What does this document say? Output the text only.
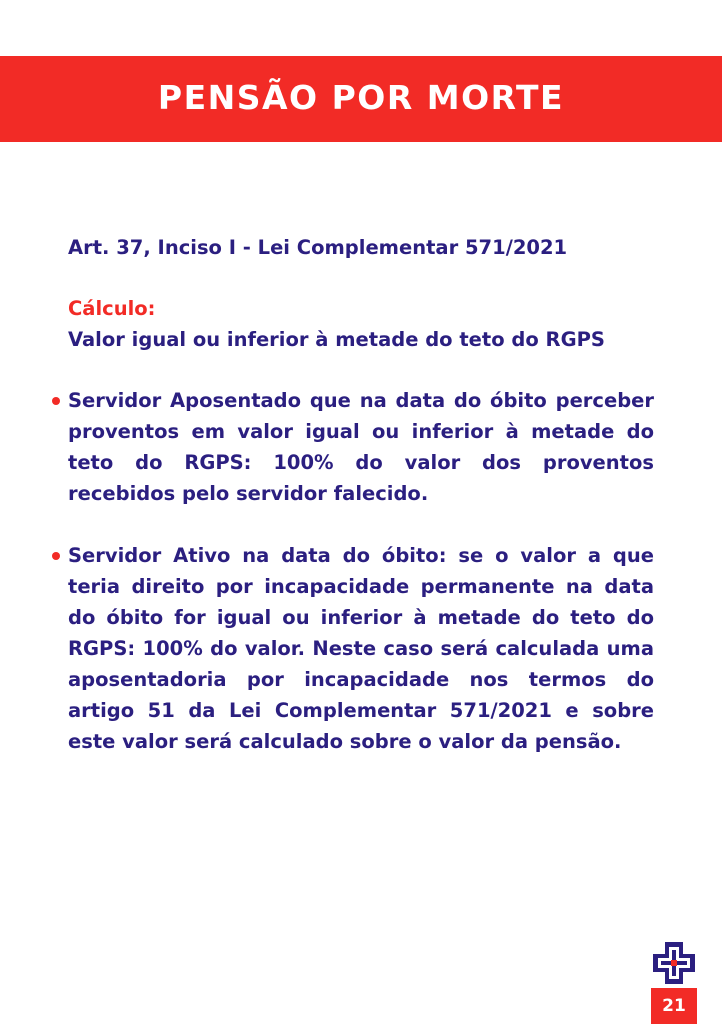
PENSÃO POR MORTE

Art. 37, Inciso I - Lei Complementar 571/2021

Cálculo:

Valor igual ou inferior à metade do teto do RGPS

Servidor Aposentado que na data do óbito perceber proventos em valor igual ou inferior à metade do teto do RGPS: 100% do valor dos proventos recebidos pelo servidor falecido.
Servidor Ativo na data do óbito: se o valor a que teria direito por incapacidade permanente na data do óbito for igual ou inferior à metade do teto do RGPS: 100% do valor. Neste caso será calculada uma aposentadoria por incapacidade nos termos do artigo 51 da Lei Complementar 571/2021 e sobre este valor será calculado sobre o valor da pensão.
21
